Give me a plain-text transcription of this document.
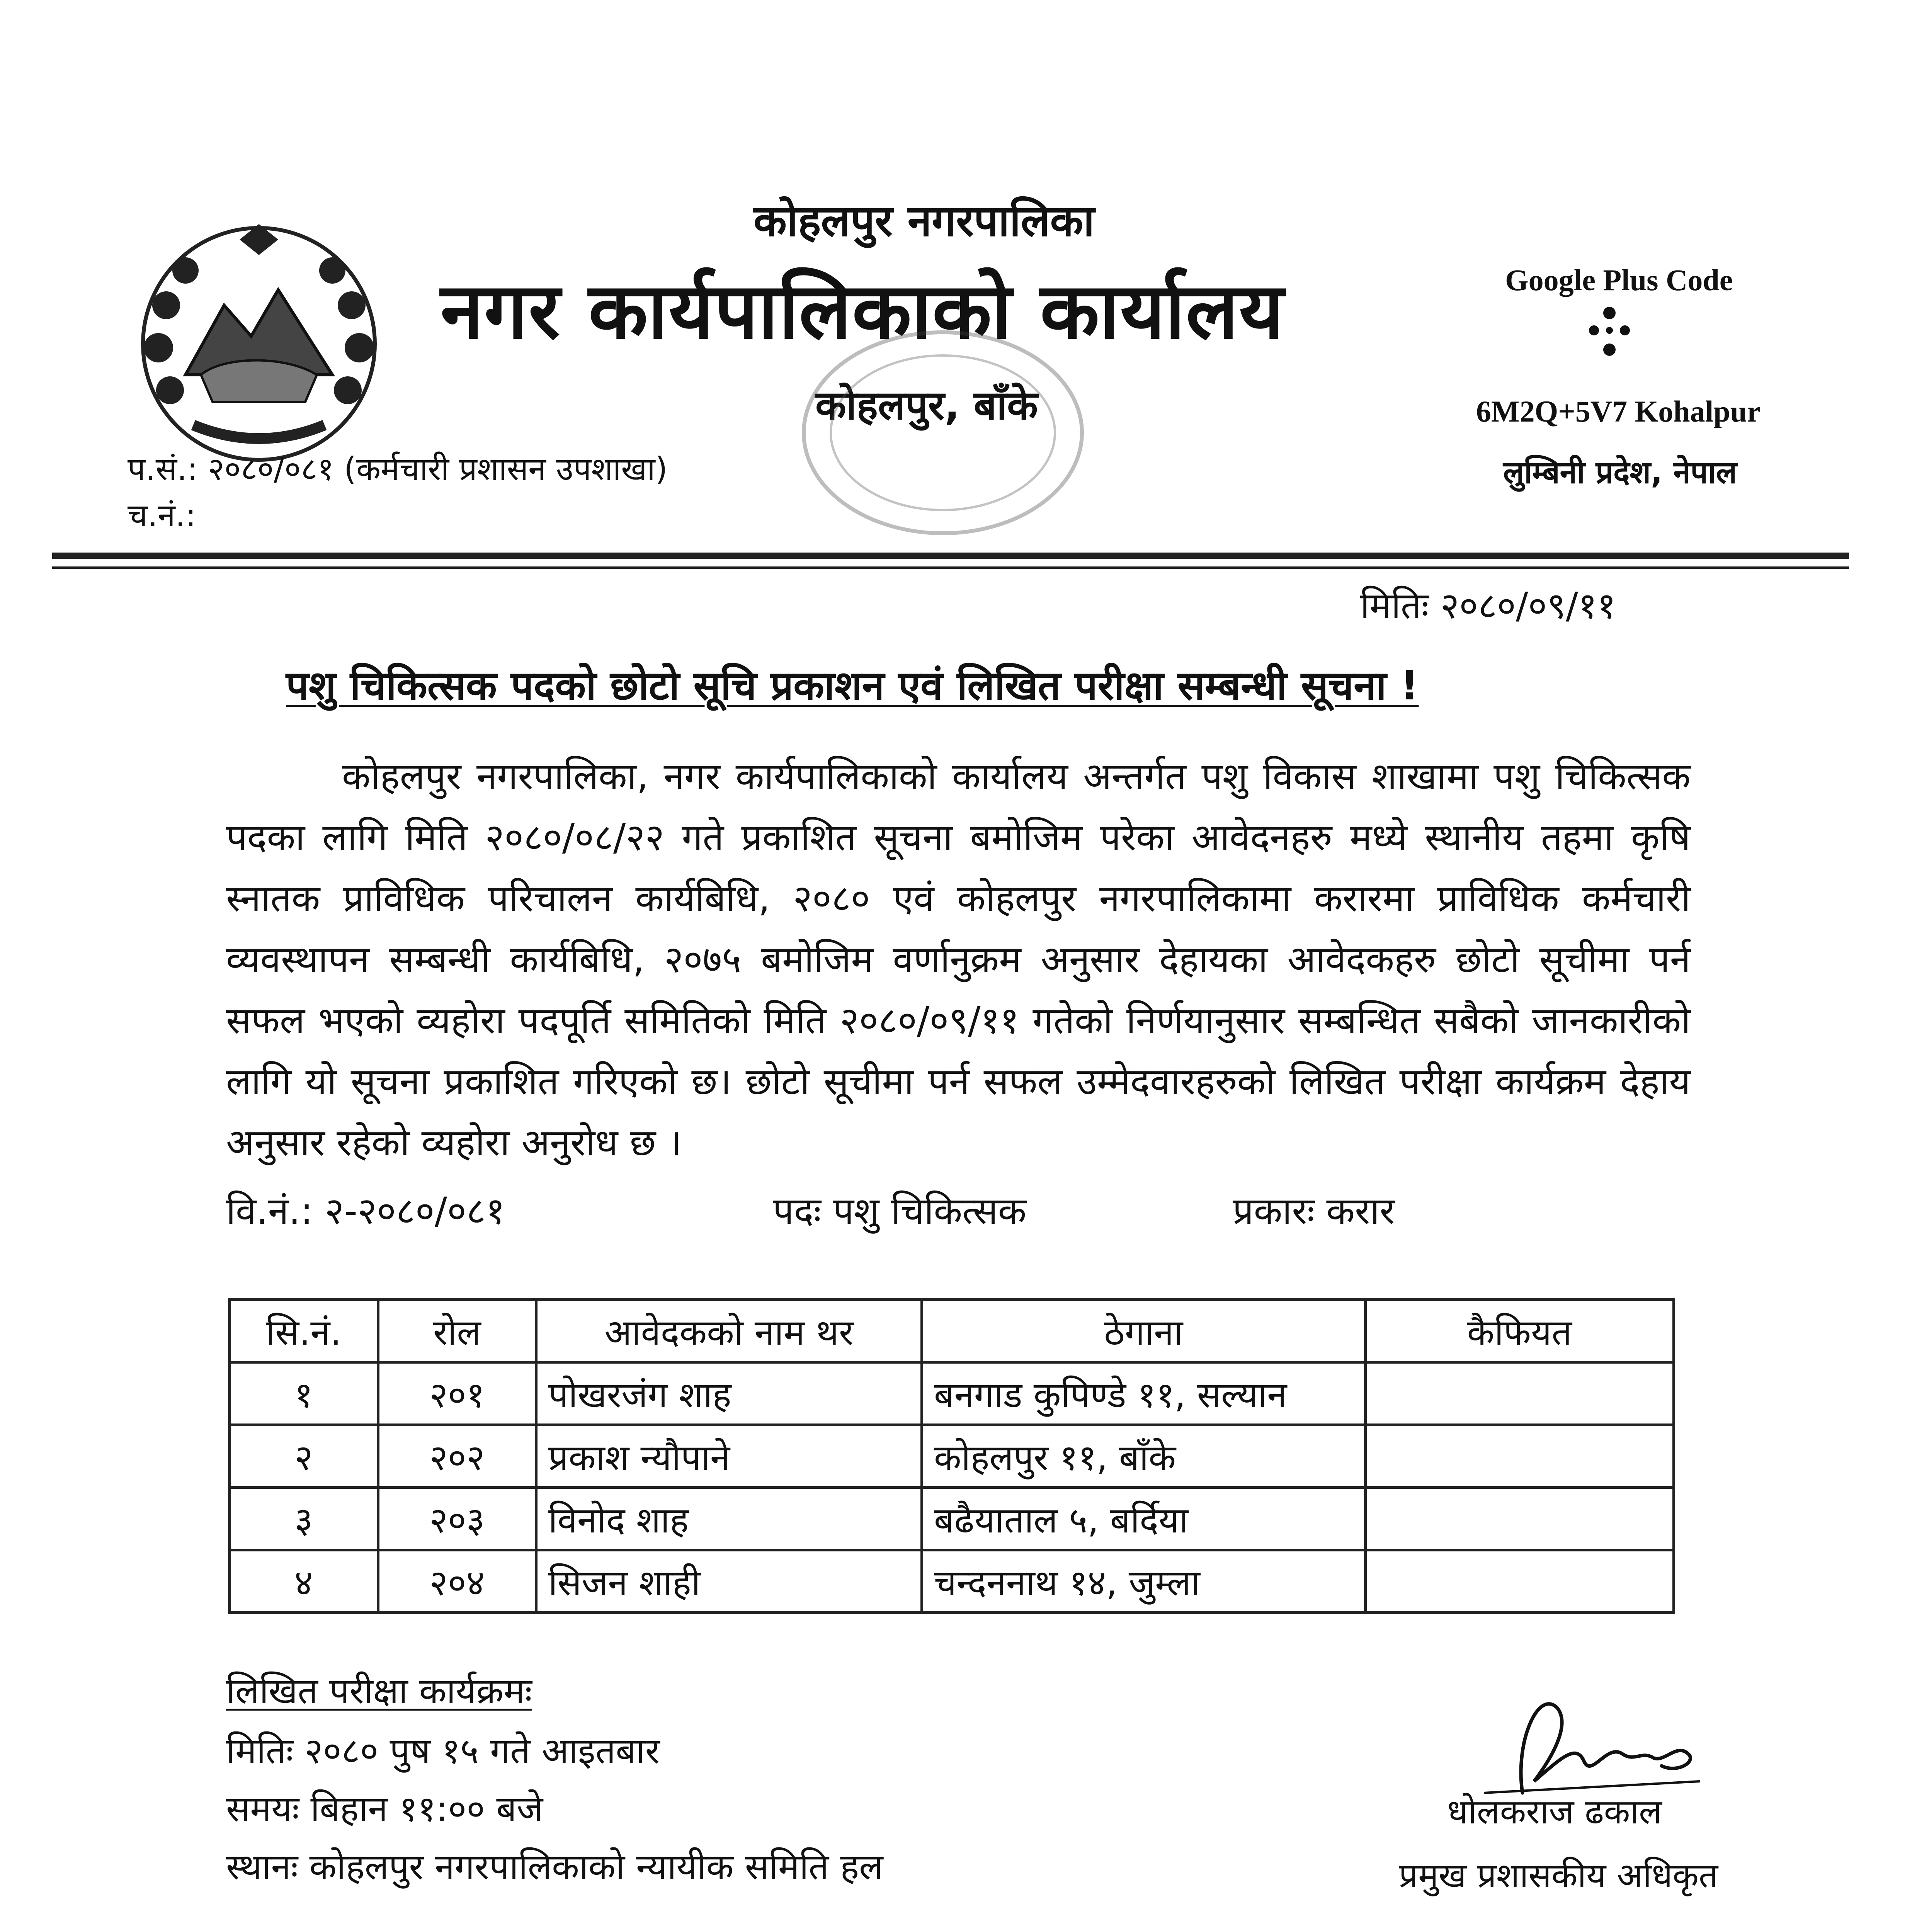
कोहलपुर नगरपालिका
नगर कार्यपालिकाको कार्यालय
कोहलपुर, बाँके
प.सं.: २०८०/०८१ (कर्मचारी प्रशासन उपशाखा)
च.नं.:
Google Plus Code
6M2Q+5V7 Kohalpur
लुम्बिनी प्रदेश, नेपाल
मितिः २०८०/०९/११
पशु चिकित्सक पदको छोटो सूचि प्रकाशन एवं लिखित परीक्षा सम्बन्धी सूचना !
कोहलपुर नगरपालिका, नगर कार्यपालिकाको कार्यालय अन्तर्गत पशु विकास शाखामा पशु चिकित्सक पदका लागि मिति २०८०/०८/२२ गते प्रकाशित सूचना बमोजिम परेका आवेदनहरु मध्ये स्थानीय तहमा कृषि स्नातक प्राविधिक परिचालन कार्यबिधि, २०८० एवं कोहलपुर नगरपालिकामा करारमा प्राविधिक कर्मचारी व्यवस्थापन सम्बन्धी कार्यबिधि, २०७५ बमोजिम वर्णानुक्रम अनुसार देहायका आवेदकहरु छोटो सूचीमा पर्न सफल भएको व्यहोरा पदपूर्ति समितिको मिति २०८०/०९/११ गतेको निर्णयानुसार सम्बन्धित सबैको जानकारीको लागि यो सूचना प्रकाशित गरिएको छ। छोटो सूचीमा पर्न सफल उम्मेदवारहरुको लिखित परीक्षा कार्यक्रम देहाय अनुसार रहेको व्यहोरा अनुरोध छ ।
वि.नं.: २-२०८०/०८१	पदः पशु चिकित्सक	प्रकारः करार
सि.नं.	रोल	आवेदकको नाम थर	ठेगाना	कैफियत
१	२०१	पोखरजंग शाह	बनगाड कुपिण्डे ११, सल्यान	
२	२०२	प्रकाश न्यौपाने	कोहलपुर ११, बाँके	
३	२०३	विनोद शाह	बढैयाताल ५, बर्दिया	
४	२०४	सिजन शाही	चन्दननाथ १४, जुम्ला	
लिखित परीक्षा कार्यक्रमः
मितिः २०८० पुष १५ गते आइतबार
समयः बिहान ११:०० बजे
स्थानः कोहलपुर नगरपालिकाको न्यायीक समिति हल
धोलकराज ढकाल
प्रमुख प्रशासकीय अधिकृत
